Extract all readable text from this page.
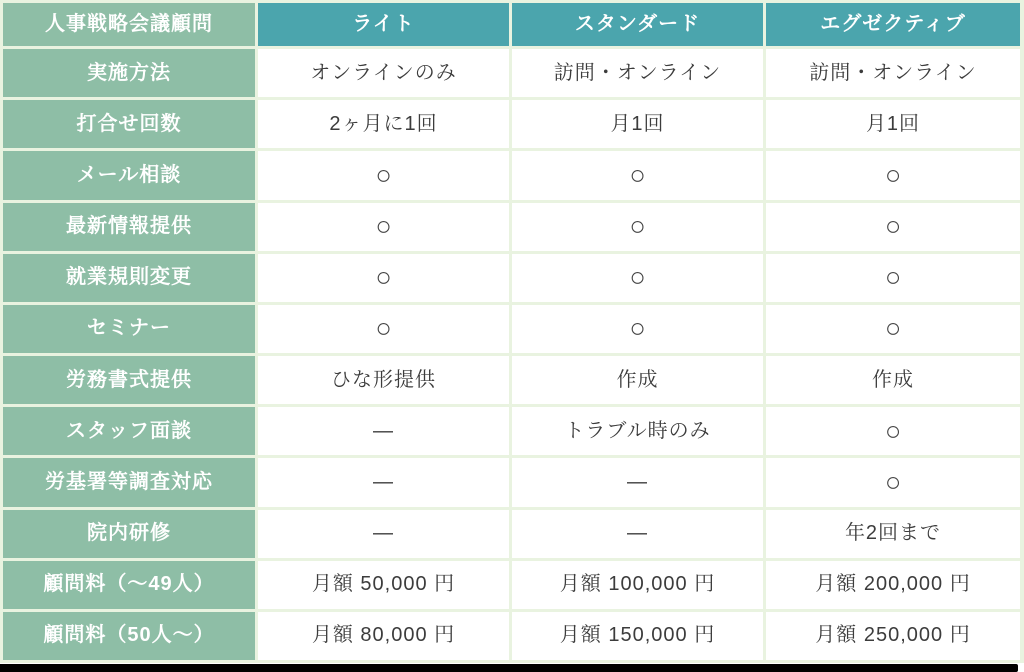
人事戦略会議顧問	ライト	スタンダード	エグゼクティブ
実施方法	オンラインのみ	訪問・オンライン	訪問・オンライン
打合せ回数	2ヶ月に1回	月1回	月1回
メール相談	○	○	○
最新情報提供	○	○	○
就業規則変更	○	○	○
セミナー	○	○	○
労務書式提供	ひな形提供	作成	作成
スタッフ面談	—	トラブル時のみ	○
労基署等調査対応	—	—	○
院内研修	—	—	年2回まで
顧問料（～49人）	月額 50,000 円	月額 100,000 円	月額 200,000 円
顧問料（50人～）	月額 80,000 円	月額 150,000 円	月額 250,000 円
